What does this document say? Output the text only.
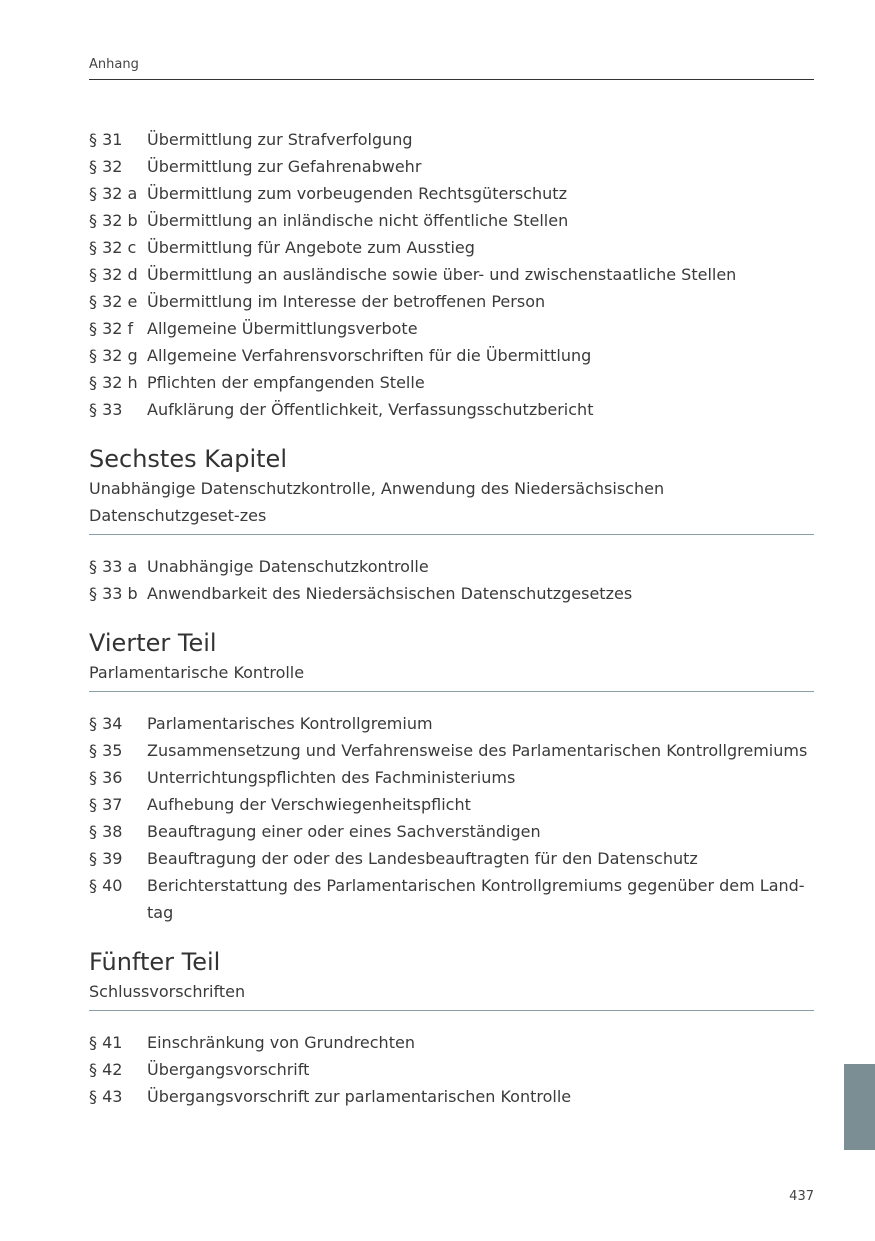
Anhang
§ 31	Übermittlung zur Strafverfolgung
§ 32	Übermittlung zur Gefahrenabwehr
§ 32 a Übermittlung zum vorbeugenden Rechtsgüterschutz
§ 32 b Übermittlung an inländische nicht öffentliche Stellen
§ 32 c Übermittlung für Angebote zum Ausstieg
§ 32 d Übermittlung an ausländische sowie über- und zwischenstaatliche Stellen
§ 32 e Übermittlung im Interesse der betroffenen Person
§ 32 f Allgemeine Übermittlungsverbote
§ 32 g Allgemeine Verfahrensvorschriften für die Übermittlung
§ 32 h Pflichten der empfangenden Stelle
§ 33	Aufklärung der Öffentlichkeit, Verfassungsschutzbericht
Sechstes Kapitel
Unabhängige Datenschutzkontrolle, Anwendung des Niedersächsischen Datenschutzgeset-zes
§ 33 a Unabhängige Datenschutzkontrolle
§ 33 b Anwendbarkeit des Niedersächsischen Datenschutzgesetzes
Vierter Teil
Parlamentarische Kontrolle
§ 34	Parlamentarisches Kontrollgremium
§ 35	Zusammensetzung und Verfahrensweise des Parlamentarischen Kontrollgremiums
§ 36	Unterrichtungspflichten des Fachministeriums
§ 37	Aufhebung der Verschwiegenheitspflicht
§ 38	Beauftragung einer oder eines Sachverständigen
§ 39	Beauftragung der oder des Landesbeauftragten für den Datenschutz
§ 40	Berichterstattung des Parlamentarischen Kontrollgremiums gegenüber dem Land-tag
Fünfter Teil
Schlussvorschriften
§ 41	Einschränkung von Grundrechten
§ 42	Übergangsvorschrift
§ 43	Übergangsvorschrift zur parlamentarischen Kontrolle
437
